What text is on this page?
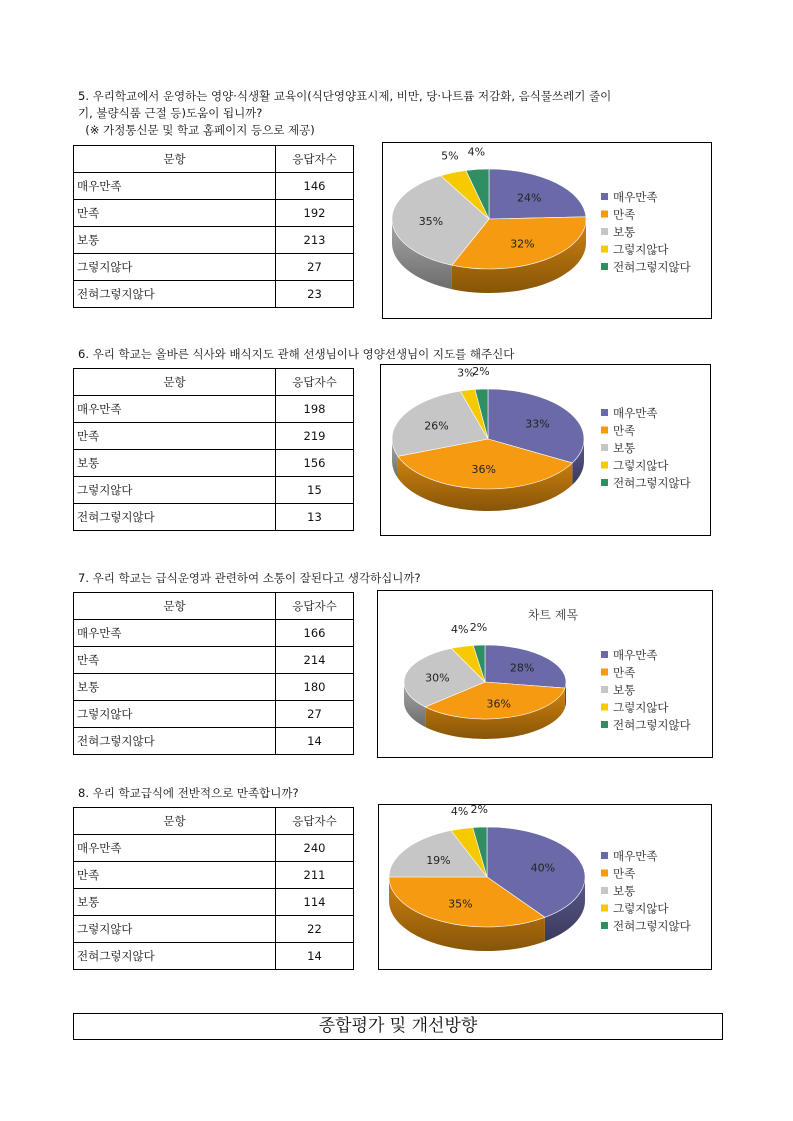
5. 우리학교에서 운영하는 영양·식생활 교육이(식단영양표시제, 비만, 당·나트륨 저감화, 음식물쓰레기 줄이
기, 불량식품 근절 등)도움이 됩니까?
(※ 가정통신문 및 학교 홈페이지 등으로 제공)
문항	응답자수
매우만족	146
만족	192
보통	213
그렇지않다	27
전혀그렇지않다	23
24%
32%
35%
5% 4%
매우만족
만족
보통
그렇지않다
전혀그렇지않다
6. 우리 학교는 올바른 식사와 배식지도 관해 선생님이나 영양선생님이 지도를 해주신다
문항	응답자수
매우만족	198
만족	219
보통	156
그렇지않다	15
전혀그렇지않다	13
33%
36%
26%
3%
2%
매우만족
만족
보통
그렇지않다
전혀그렇지않다
7. 우리 학교는 급식운영과 관련하여 소통이 잘된다고 생각하십니까?
문항	응답자수
매우만족	166
만족	214
보통	180
그렇지않다	27
전혀그렇지않다	14
28%
36%
30%
4% 2%
차트 제목
매우만족
만족
보통
그렇지않다
전혀그렇지않다
8. 우리 학교급식에 전반적으로 만족합니까?
문항	응답자수
매우만족	240
만족	211
보통	114
그렇지않다	22
전혀그렇지않다	14
40%
35%
19%
4% 2%
매우만족
만족
보통
그렇지않다
전혀그렇지않다
종합평가 및 개선방향
